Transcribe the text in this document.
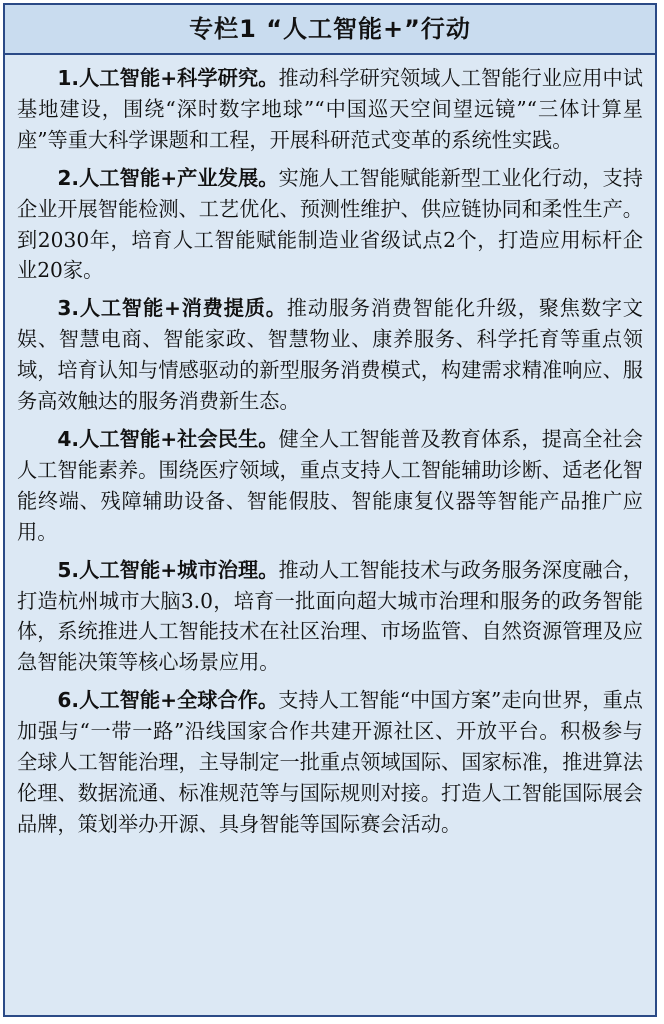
专栏1 “人工智能+”行动

1.人工智能+科学研究。推动科学研究领域人工智能行业应用中试基地建设，围绕“深时数字地球”“中国巡天空间望远镜”“三体计算星座”等重大科学课题和工程，开展科研范式变革的系统性实践。

2.人工智能+产业发展。实施人工智能赋能新型工业化行动，支持企业开展智能检测、工艺优化、预测性维护、供应链协同和柔性生产。到2030年，培育人工智能赋能制造业省级试点2个，打造应用标杆企业20家。

3.人工智能+消费提质。推动服务消费智能化升级，聚焦数字文娱、智慧电商、智能家政、智慧物业、康养服务、科学托育等重点领域，培育认知与情感驱动的新型服务消费模式，构建需求精准响应、服务高效触达的服务消费新生态。

4.人工智能+社会民生。健全人工智能普及教育体系，提高全社会人工智能素养。围绕医疗领域，重点支持人工智能辅助诊断、适老化智能终端、残障辅助设备、智能假肢、智能康复仪器等智能产品推广应用。

5.人工智能+城市治理。推动人工智能技术与政务服务深度融合，打造杭州城市大脑3.0，培育一批面向超大城市治理和服务的政务智能体，系统推进人工智能技术在社区治理、市场监管、自然资源管理及应急智能决策等核心场景应用。

6.人工智能+全球合作。支持人工智能“中国方案”走向世界，重点加强与“一带一路”沿线国家合作共建开源社区、开放平台。积极参与全球人工智能治理，主导制定一批重点领域国际、国家标准，推进算法伦理、数据流通、标准规范等与国际规则对接。打造人工智能国际展会品牌，策划举办开源、具身智能等国际赛会活动。
